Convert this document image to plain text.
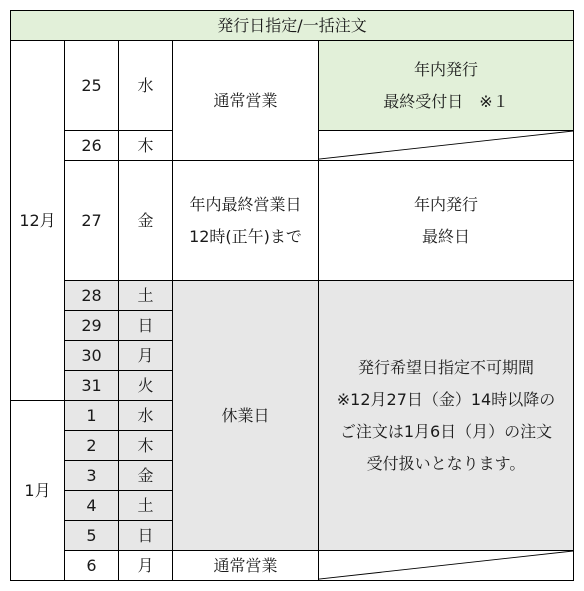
発行日指定/一括注文
12月
1月
25
26
27
28
29
30
31
1
2
3
4
5
6
水
木
金
土
日
月
火
水
木
金
土
日
月
通常営業
年内最終営業日
12時(正午)まで
休業日
通常営業
年内発行
最終受付日　※１
年内発行
最終日
発行希望日指定不可期間
※12月27日（金）14時以降の
ご注文は1月6日（月）の注文
受付扱いとなります。
